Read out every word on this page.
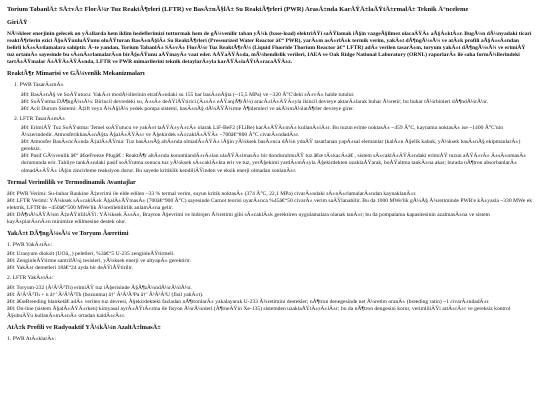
Torium TabanlÄ± SÄ±vÄ± FlorÃ¼r Tuz ReaktÃ¶rleri (LFTR) ve BasÄ±nÃ§lÄ± Su ReaktÃ¶rleri (PWR) ArasÄ±nda KarÅŸÄ±laÅŸtÄ±rmalÄ± Teknik Ä°nceleme
GiriÅŸ
NÃ¼kleer enerjinin gelecek on yÄ±llarda hem iklim hedeflerimizi tutturmak hem de gÃ¼venilir taban yÃ¼k (base-load) elektriÄŸi saÄŸlamak iÃ§in vazgeÃ§ilmez olacaÄŸÄ± aÃ§Ä±ktÄ±r. BugÃ¼n dÃ¼nyadaki ticari reaktÃ¶rlerin ezici Ã§oÄŸunluÄŸunu oluÅŸturan BasÄ±nÃ§lÄ± Su ReaktÃ¶rleri (Pressurized Water Reactor â€“ PWR), yarÄ±m asÄ±rlÄ±k termik verim, yakÄ±t dÃ¶ngÃ¼sÃ¼ ve atÄ±k profili aÃ§Ä±sÄ±ndan belirli kÄ±sÄ±tlamalara sahiptir. Ã–te yandan, Torium TabanlÄ± SÄ±vÄ± FlorÃ¼r Tuz ReaktÃ¶rÃ¼ (Liquid Fluoride Thorium Reactor â€“ LFTR) adÄ± verilen tasarÄ±m, toryum yakÄ±t dÃ¶ngÃ¼sÃ¼ ve erimiÅŸ tuz ortamÄ± sayesinde bu sÄ±nÄ±rlamalarÄ±n birÃ§oÄŸunu aÅŸmayÄ± vaat eder. AÅŸaÄŸÄ±da, mÃ¼hendislik verileri, IAEA ve Oak Ridge National Laboratory (ORNL) raporlarÄ± ile saha formÃ¼llerindeki tartÄ±ÅŸmalar Ä±ÅŸÄ±ÄŸÄ±nda, LFTR ve PWR mimarilerini teknik detaylarÄ±yla karÅŸÄ±laÅŸtÄ±racaÄŸÄ±z.
ReaktÃ¶r Mimarisi ve GÃ¼venlik Mekanizmaları
1. PWR TasarÄ±mÄ±
â€¢ BasÄ±nÃ§ ve SoÄŸutucu: YakÄ±t modÃ¼llerinin etrafÄ±ndaki su 155 bar basÄ±nÃ§ta (~15,5 MPa) ve ~320 Â°C'deki sÄ±vÄ± halde tutulur.
â€¢ SoÄŸutma DÃ¶ngÃ¼sÃ¼: Birincil devredeki su, Ä±sÄ± deÄŸiÅŸtirici (Ä±sÄ± eÅŸanjÃ¶rÃ¼) aracÄ±lÄ±ÄŸÄ±yla ikincil devreye aktarÄ±larak buhar Ã¼retir; bu buhar tÃ¼rbinleri dÃ¶ndÃ¼rÃ¼r.
â€¢ Acil Durum Sistemi: Ã‡ift veya Ã¼Ã§lÃ¼ yedek pompa sistemi, basÄ±nÃ§ dÃ¼ÅŸÃ¼rme Ã¶nlemleri ve akÃ¼mÃ¼latÃ¶rler devreye girer.
2. LFTR TasarÄ±mÄ±
â€¢ ErimiÅŸ Tuz SoÄŸutma: Temel soÄŸutucu ve yakÄ±t taÅŸÄ±yÄ±cÄ± olarak LiF-BeF2 (FLiBe) karÄ±ÅŸÄ±mÄ± kullanÄ±lÄ±r. Bu tuzun erime noktasÄ± ~459 Â°C, kaynama noktasÄ± ise ~1400 Â°C'nin Ã¼zerindedir. AtmosferikbasÄ±nÃ§ta Ã§alÄ±ÅŸÄ±r ve Ã§ekirdek sÄ±caklÄ±ÄŸÄ± ~700â€“800 Â°C civarÄ±ndadÄ±r.
â€¢ Atmosfer BasÄ±ncÄ±nda Ã‡alÄ±ÅŸma: Tuz basÄ±nÃ§ altÄ±nda olmadÄ±ÄŸÄ± iÃ§in yÃ¼ksek basÄ±nca dÃ¼n ydaÅŸ tasarlanan yapÄ±sal elemanlar (kalÄ±n Ã§elik kabuk, yÃ¼ksek basÄ±nÃ§ ekipmanlarÄ±) gereksiz.
â€¢ Pasif GÃ¼venlik â€“ â€œFreeze Plugâ€ : ReaktÃ¶r altÄ±nda konumlandÄ±rÄ±lan ulaÅŸÄ±lmasÄ± bir dondurulmuÅŸ tuz â€œ tÄ±kacÄ±â€ , sistem sÄ±caklÄ±ÄŸÄ±ndaki erimiÅŸ tuzun aÅŸÄ±rÄ± Ä±sÄ±nmasÄ± durumunda erir. Tahliye tankÄ±ndaki pasif soÄŸutma sonucu tuz yÃ¼ksek sÄ±caklÄ±kta erir ve tuz, yerÃ§ekimi yardÄ±mÄ±yla Ã§ekirdekten uzaklaÅŸarak, boÅŸaltma tankÄ±na akar; burada nÃ¶tron absorbanlarÄ± olmadÄ±ÄŸÄ± iÃ§in zincirleme reaksiyon durur. Bu sayede kritiklik kendiliÄŸinden ve eksik enerji olmadan sonlanÄ±r.
Termal Verimlilik ve Termodinamik Avantajlar
â€¢ PWR Verimi: Su-buhar Rankine Ã‡evrimi ile elde edilen ~33 % termal verim, suyun kritik noktasÄ± (374 Â°C, 22,1 MPa) civarÄ±ndaki sÄ±nÄ±rlamalarÄ±ndan kaynaklanÄ±r.
â€¢ LFTR Verimi: YÃ¼ksek sÄ±caklÄ±k Ã§alÄ±ÅŸmasÄ± (700â€“900 Â°C) sayesinde Carnot teorisi uyarÄ±nca %45â€“50 civarÄ± verim saÄŸlanabilir. Bu da 1000 MWe'lik gÃ¼Ã§ Ã¼retiminde PWR'e kÄ±yasla ~330 MWe ek elektrik, LFTR'de ~450â€“500 MWe'lik Ã¼retilebilirlik anlamÄ±na gelir.
â€¢ DÃ¶nÃ¼ÅŸÃ¼m Ã‡eÅŸitliliÄŸi: YÃ¼ksek Ä±sÄ±, Brayton Ã§evrimi ve hidrojen Ã¼retimi gibi sÄ±caklÄ±k gerektiren uygulamalara olanak tanÄ±r; bu da pompalama kapasitesinin azalmasÄ±na ve sistem kayÄ±plarÄ±nÄ±n minimize edilmesine destek olur.
YakÄ±t DÃ¶ngÃ¼sÃ¼ ve Toryum Ãœretimi
1. PWR YakÄ±tÄ±:
â€¢ Uranyum dioksit (UOâ‚‚) peletleri, %3â€“5 U-235 zenginleÅŸtirmeli.
â€¢ ZenginleÅŸtirme santrifÃ¼j tesisleri, yÃ¼ksek enerji ve altyapÄ± gerektirir.
â€¢ YakÄ±t demetleri 18â€“24 ayda bir deÄŸiÅŸtirilir.
2. LFTR YakÄ±tÄ±:
â€¢ Toryum-232 (Â²Â³Â²Th) erimiÅŸ tuz iÃ§erisinde Ã§Ã¶zÃ¼ndÃ¼rÃ¼lÃ¼r.
â€¢ Â²Â³Â²Th + n â†’ Â²Â³Â³Th (bozunma) â†’ Â²Â³Â³Pa â†’ Â²Â³Â³U (fisil yakÄ±t).
â€¢ â€œBreeding blanketâ€ adÄ± verilen tuz devresi, Ã§ekirdekteki fazladan nÃ¶tronlarÄ± yakalayarak U-233 Ã¼retimini destekler; nÃ¶tron denegesinde net Ã¼retim oranÄ± (breeding ratio) ~1 civarÄ±ndadÄ±r.
â€¢ On-line (sistem Ã§alÄ±ÅŸÄ±rken) kimyasal ayrÄ±ÅŸtÄ±rma ile fisyon Ã¼rÃ¼nleri (Ã¶rneÄŸin Xe-135) sistemden uzaklaÅŸtÄ±rÄ±lÄ±r; bu da nÃ¶tron dengesini korur, verimliliÄŸi artÄ±rÄ±r ve gereksiz kontrol Ã§ubuÄŸu kullanÄ±mÄ±nÄ± ortadan kaldÄ±rÄ±r.
AtÄ±k Profili ve Radyoaktif YÃ¼kÃ¼n AzaltÄ±lmasÄ±
1. PWR AtÄ±klarÄ±:
